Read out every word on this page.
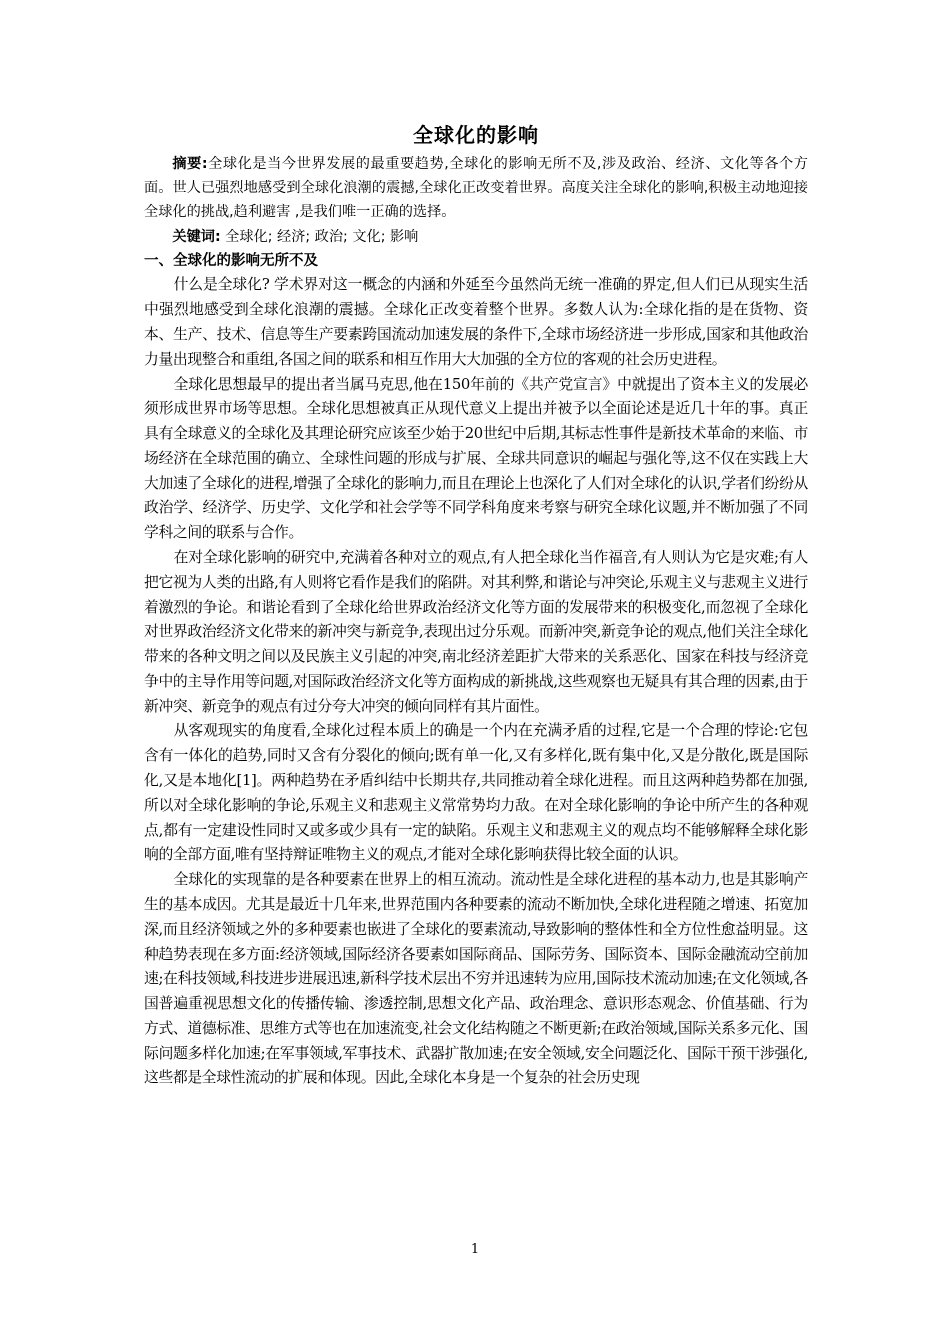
全球化的影响

摘要:全球化是当今世界发展的最重要趋势,全球化的影响无所不及,涉及政治、经济、文化等各个方面。世人已强烈地感受到全球化浪潮的震撼,全球化正改变着世界。高度关注全球化的影响,积极主动地迎接全球化的挑战,趋利避害 ,是我们唯一正确的选择。

关键词: 全球化; 经济; 政治; 文化; 影响

一、全球化的影响无所不及

什么是全球化? 学术界对这一概念的内涵和外延至今虽然尚无统一准确的界定,但人们已从现实生活中强烈地感受到全球化浪潮的震撼。全球化正改变着整个世界。多数人认为:全球化指的是在货物、资本、生产、技术、信息等生产要素跨国流动加速发展的条件下,全球市场经济进一步形成,国家和其他政治力量出现整合和重组,各国之间的联系和相互作用大大加强的全方位的客观的社会历史进程。

全球化思想最早的提出者当属马克思,他在150年前的《共产党宣言》中就提出了资本主义的发展必须形成世界市场等思想。全球化思想被真正从现代意义上提出并被予以全面论述是近几十年的事。真正具有全球意义的全球化及其理论研究应该至少始于20世纪中后期,其标志性事件是新技术革命的来临、市场经济在全球范围的确立、全球性问题的形成与扩展、全球共同意识的崛起与强化等,这不仅在实践上大大加速了全球化的进程,增强了全球化的影响力,而且在理论上也深化了人们对全球化的认识,学者们纷纷从政治学、经济学、历史学、文化学和社会学等不同学科角度来考察与研究全球化议题,并不断加强了不同学科之间的联系与合作。

在对全球化影响的研究中,充满着各种对立的观点,有人把全球化当作福音,有人则认为它是灾难;有人把它视为人类的出路,有人则将它看作是我们的陷阱。对其利弊,和谐论与冲突论,乐观主义与悲观主义进行着激烈的争论。和谐论看到了全球化给世界政治经济文化等方面的发展带来的积极变化,而忽视了全球化对世界政治经济文化带来的新冲突与新竞争,表现出过分乐观。而新冲突,新竞争论的观点,他们关注全球化带来的各种文明之间以及民族主义引起的冲突,南北经济差距扩大带来的关系恶化、国家在科技与经济竞争中的主导作用等问题,对国际政治经济文化等方面构成的新挑战,这些观察也无疑具有其合理的因素,由于新冲突、新竞争的观点有过分夸大冲突的倾向同样有其片面性。

从客观现实的角度看,全球化过程本质上的确是一个内在充满矛盾的过程,它是一个合理的悖论:它包含有一体化的趋势,同时又含有分裂化的倾向;既有单一化,又有多样化,既有集中化,又是分散化,既是国际化,又是本地化[1]。两种趋势在矛盾纠结中长期共存,共同推动着全球化进程。而且这两种趋势都在加强,所以对全球化影响的争论,乐观主义和悲观主义常常势均力敌。在对全球化影响的争论中所产生的各种观点,都有一定建设性同时又或多或少具有一定的缺陷。乐观主义和悲观主义的观点均不能够解释全球化影响的全部方面,唯有坚持辩证唯物主义的观点,才能对全球化影响获得比较全面的认识。

全球化的实现靠的是各种要素在世界上的相互流动。流动性是全球化进程的基本动力,也是其影响产生的基本成因。尤其是最近十几年来,世界范围内各种要素的流动不断加快,全球化进程随之增速、拓宽加深,而且经济领域之外的多种要素也嵌进了全球化的要素流动,导致影响的整体性和全方位性愈益明显。这种趋势表现在多方面:经济领域,国际经济各要素如国际商品、国际劳务、国际资本、国际金融流动空前加速;在科技领域,科技进步进展迅速,新科学技术层出不穷并迅速转为应用,国际技术流动加速;在文化领域,各国普遍重视思想文化的传播传输、渗透控制,思想文化产品、政治理念、意识形态观念、价值基础、行为方式、道德标准、思维方式等也在加速流变,社会文化结构随之不断更新;在政治领域,国际关系多元化、国际问题多样化加速;在军事领域,军事技术、武器扩散加速;在安全领域,安全问题泛化、国际干预干涉强化,这些都是全球性流动的扩展和体现。因此,全球化本身是一个复杂的社会历史现

1
